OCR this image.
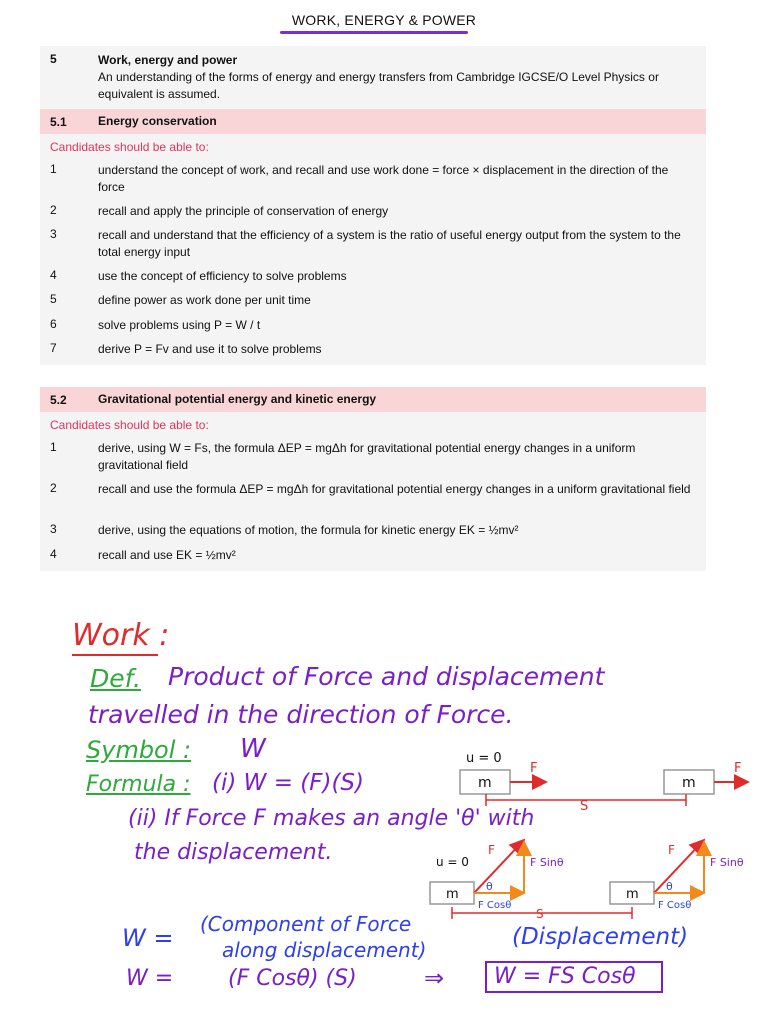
WORK, ENERGY & POWER
5	Work, energy and power
An understanding of the forms of energy and energy transfers from Cambridge IGCSE/O Level Physics or equivalent is assumed.
5.1	Energy conservation
Candidates should be able to:
1	understand the concept of work, and recall and use work done = force × displacement in the direction of the force
2	recall and apply the principle of conservation of energy
3	recall and understand that the efficiency of a system is the ratio of useful energy output from the system to the total energy input
4	use the concept of efficiency to solve problems
5	define power as work done per unit time
6	solve problems using P = W / t
7	derive P = Fv and use it to solve problems
5.2	Gravitational potential energy and kinetic energy
Candidates should be able to:
1	derive, using W = Fs, the formula ΔEP = mgΔh for gravitational potential energy changes in a uniform gravitational field
2	recall and use the formula ΔEP = mgΔh for gravitational potential energy changes in a uniform gravitational field
3	derive, using the equations of motion, the formula for kinetic energy EK = ½mv²
4	recall and use EK = ½mv²
Work :
Def. Product of Force and displacement
travelled in the direction of Force.
Symbol : W
Formula : (i) W = (F)(S)
(ii) If Force F makes an angle 'θ' with
the displacement.
u = 0
m
F
m
F
S
u = 0
m
F
θ
F Sinθ
F Cosθ
m
F
θ
F Sinθ
F Cosθ
S
W = (Component of Force
along displacement)	(Displacement)
W = (F Cosθ) (S)	⇒ W = FS Cosθ
